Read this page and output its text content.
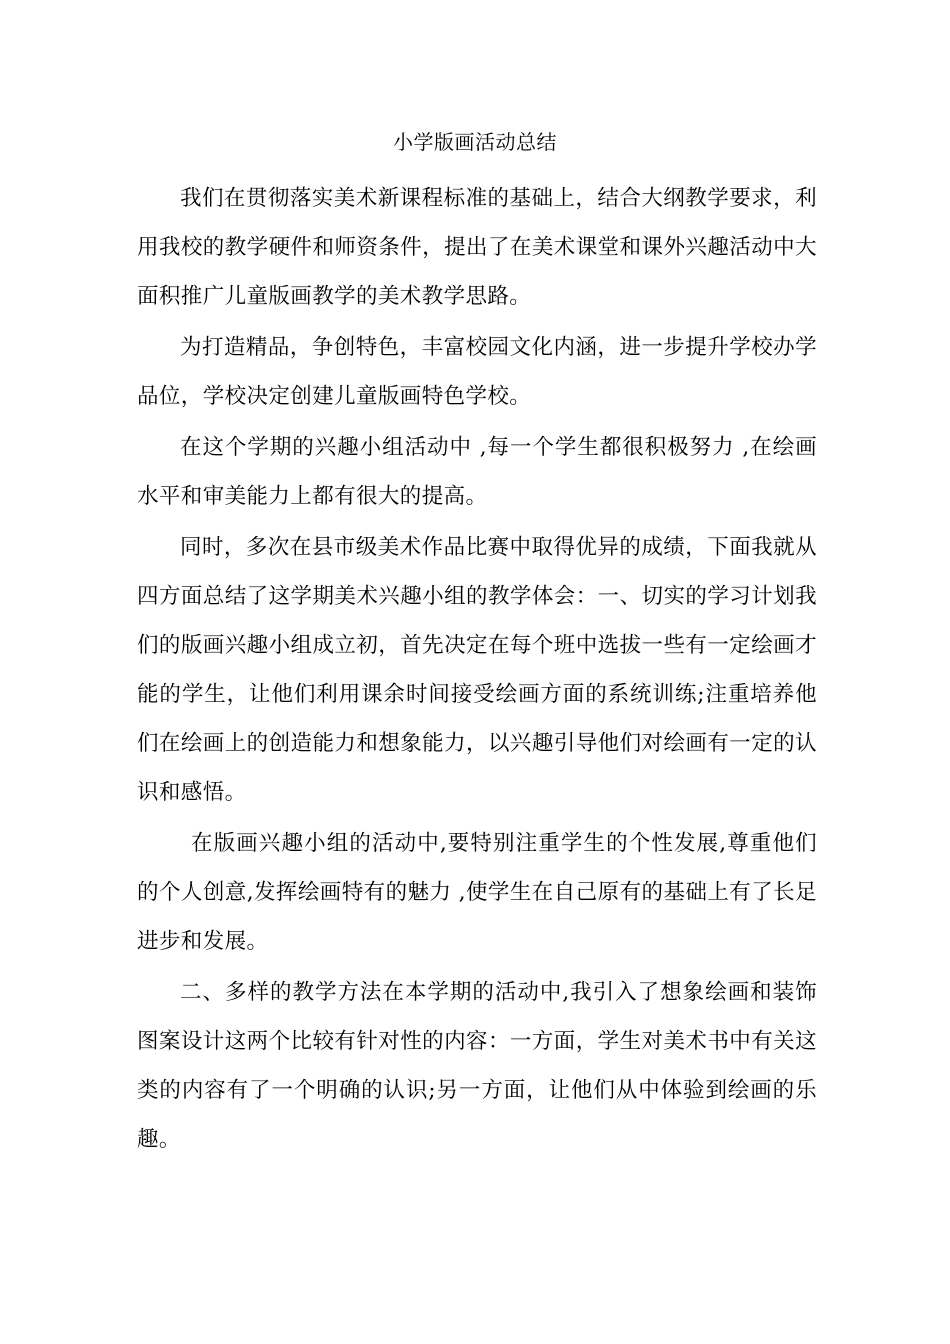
小学版画活动总结

我们在贯彻落实美术新课程标准的基础上，结合大纲教学要求，利用我校的教学硬件和师资条件，提出了在美术课堂和课外兴趣活动中大面积推广儿童版画教学的美术教学思路。

为打造精品，争创特色，丰富校园文化内涵，进一步提升学校办学品位，学校决定创建儿童版画特色学校。

在这个学期的兴趣小组活动中 ,每一个学生都很积极努力 ,在绘画水平和审美能力上都有很大的提高。

同时，多次在县市级美术作品比赛中取得优异的成绩，下面我就从四方面总结了这学期美术兴趣小组的教学体会：一、切实的学习计划我们的版画兴趣小组成立初，首先决定在每个班中选拔一些有一定绘画才能的学生，让他们利用课余时间接受绘画方面的系统训练;注重培养他们在绘画上的创造能力和想象能力，以兴趣引导他们对绘画有一定的认识和感悟。

在版画兴趣小组的活动中,要特别注重学生的个性发展,尊重他们的个人创意,发挥绘画特有的魅力 ,使学生在自己原有的基础上有了长足进步和发展。

二、多样的教学方法在本学期的活动中,我引入了想象绘画和装饰图案设计这两个比较有针对性的内容：一方面，学生对美术书中有关这类的内容有了一个明确的认识;另一方面，让他们从中体验到绘画的乐趣。
